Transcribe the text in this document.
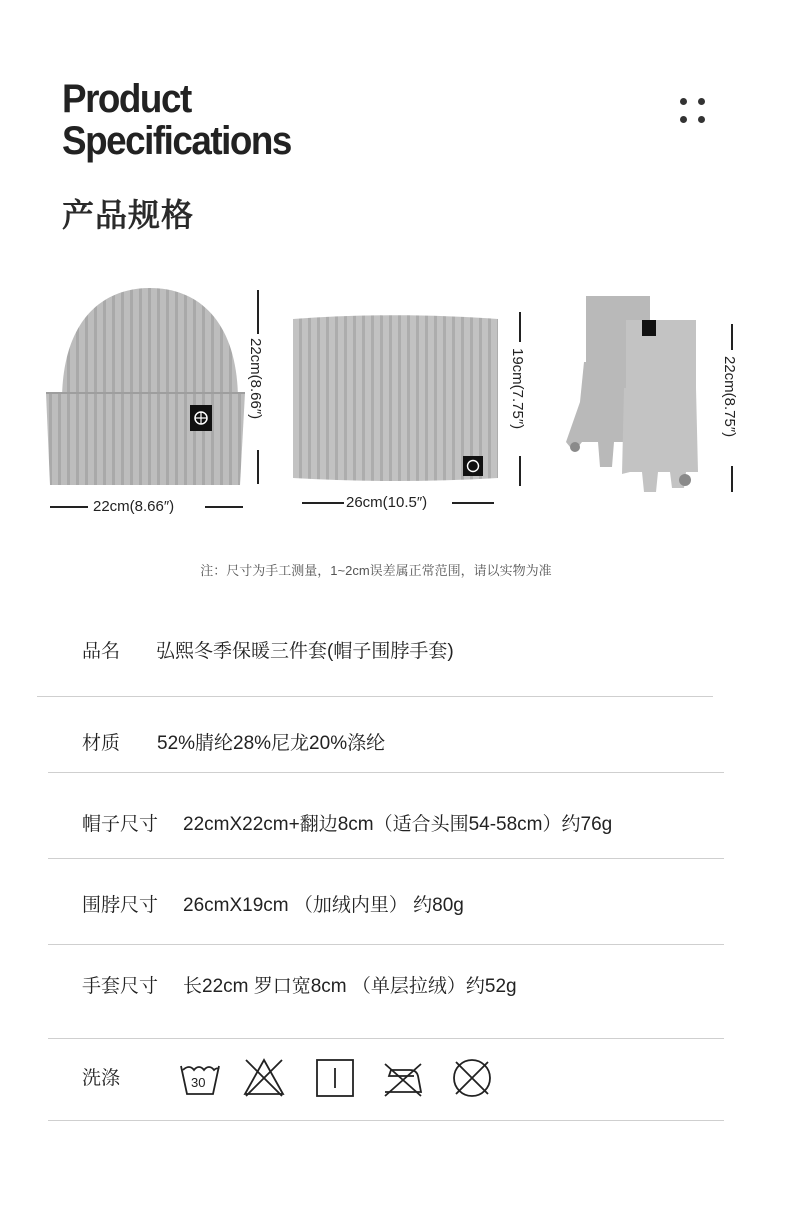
Product
Specifications
产品规格
22cm(8.66″)
22cm(8.66″)
19cm(7.75″)
26cm(10.5″)
22cm(8.75″)
注：尺寸为手工测量，1~2cm误差属正常范围，请以实物为准
品名 弘熙冬季保暖三件套(帽子围脖手套)
材质 52%腈纶28%尼龙20%涤纶
帽子尺寸 22cmX22cm+翻边8cm（适合头围54-58cm）约76g
围脖尺寸 26cmX19cm （加绒内里） 约80g
手套尺寸 长22cm 罗口宽8cm （单层拉绒）约52g
洗涤	30
